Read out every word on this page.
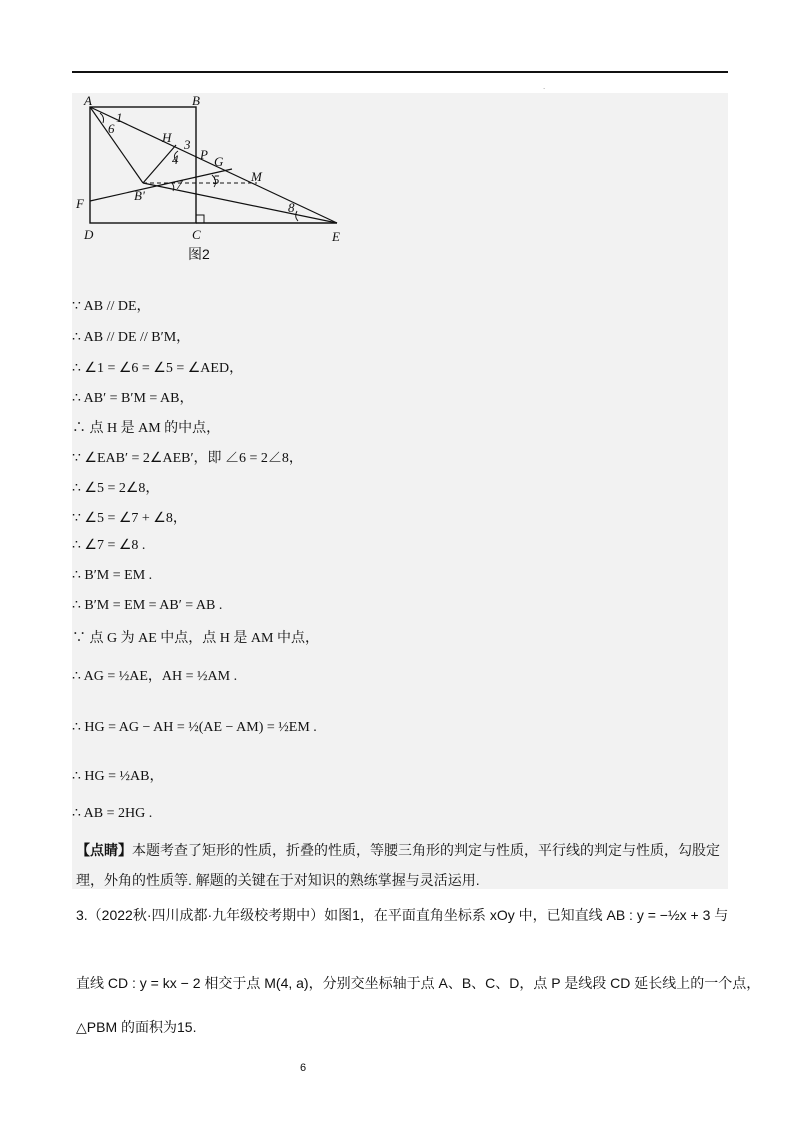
.
A	B
C
D	E
F
H
P G
M
B'
1
6
3
4
5
7
8
图2
∵ AB // DE，
∴ AB // DE // B′M，
∴ ∠1 = ∠6 = ∠5 = ∠AED，
∴ AB′ = B′M = AB，
∴ 点 H 是 AM 的中点，
∵ ∠EAB′ = 2∠AEB′，即 ∠6 = 2∠8，
∴ ∠5 = 2∠8，
∵ ∠5 = ∠7 + ∠8，
∴ ∠7 = ∠8 .
∴ B′M = EM .
∴ B′M = EM = AB′ = AB .
∵ 点 G 为 AE 中点，点 H 是 AM 中点，
∴ AG = ½AE，AH = ½AM .
∴ HG = AG − AH = ½(AE − AM) = ½EM .
∴ HG = ½AB，
∴ AB = 2HG .
【点睛】本题考查了矩形的性质，折叠的性质，等腰三角形的判定与性质，平行线的判定与性质，勾股定理，外角的性质等. 解题的关键在于对知识的熟练掌握与灵活运用.
3.（2022秋·四川成都·九年级校考期中）如图1，在平面直角坐标系 xOy 中，已知直线 AB : y = −½x + 3 与
直线 CD : y = kx − 2 相交于点 M(4, a)，分别交坐标轴于点 A、B、C、D，点 P 是线段 CD 延长线上的一个点，
△PBM 的面积为15.
6
